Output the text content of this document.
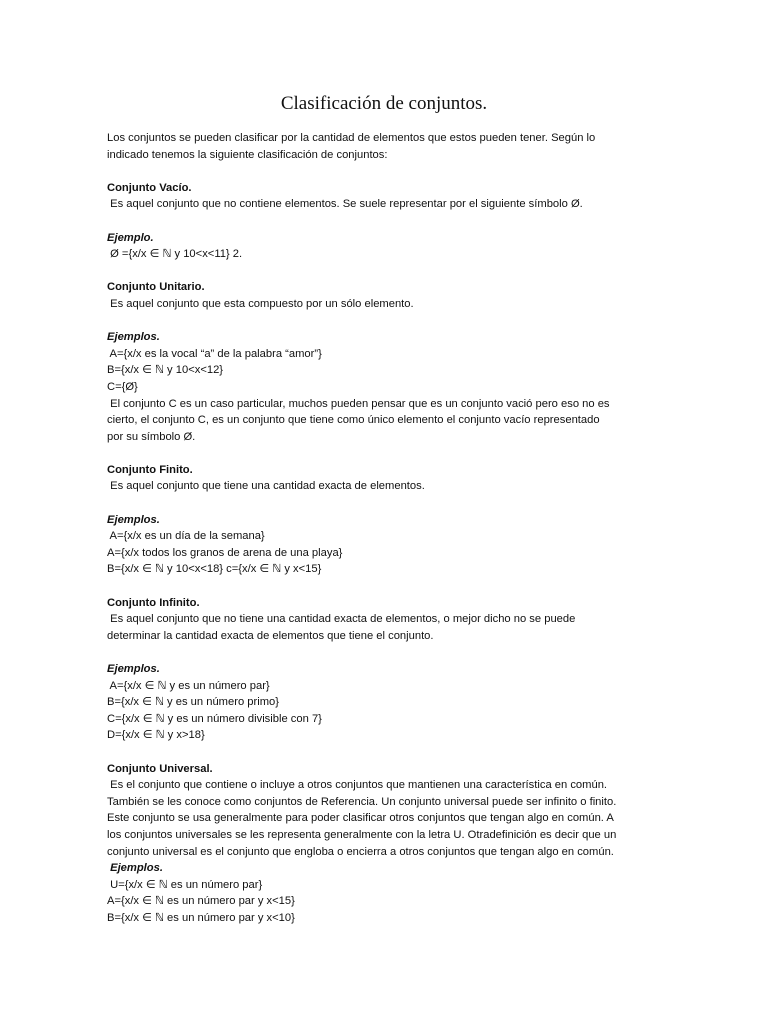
Clasificación de conjuntos.
Los conjuntos se pueden clasificar por la cantidad de elementos que estos pueden tener. Según lo
indicado tenemos la siguiente clasificación de conjuntos:
Conjunto Vacío.
Es aquel conjunto que no contiene elementos. Se suele representar por el siguiente símbolo Ø.
Ejemplo.
Ø ={x/x ∈ ℕ y 10<x<11} 2.
Conjunto Unitario.
Es aquel conjunto que esta compuesto por un sólo elemento.
Ejemplos.
A={x/x es la vocal “a” de la palabra “amor”}
B={x/x ∈ ℕ y 10<x<12}
C={Ø}
El conjunto C es un caso particular, muchos pueden pensar que es un conjunto vació pero eso no es
cierto, el conjunto C, es un conjunto que tiene como único elemento el conjunto vacío representado
por su símbolo Ø.
Conjunto Finito.
Es aquel conjunto que tiene una cantidad exacta de elementos.
Ejemplos.
A={x/x es un día de la semana}
A={x/x todos los granos de arena de una playa}
B={x/x ∈ ℕ y 10<x<18} c={x/x ∈ ℕ y x<15}
Conjunto Infinito.
Es aquel conjunto que no tiene una cantidad exacta de elementos, o mejor dicho no se puede
determinar la cantidad exacta de elementos que tiene el conjunto.
Ejemplos.
A={x/x ∈ ℕ y es un número par}
B={x/x ∈ ℕ y es un número primo}
C={x/x ∈ ℕ y es un número divisible con 7}
D={x/x ∈ ℕ y x>18}
Conjunto Universal.
Es el conjunto que contiene o incluye a otros conjuntos que mantienen una característica en común.
También se les conoce como conjuntos de Referencia. Un conjunto universal puede ser infinito o finito.
Este conjunto se usa generalmente para poder clasificar otros conjuntos que tengan algo en común. A
los conjuntos universales se les representa generalmente con la letra U. Otradefinición es decir que un
conjunto universal es el conjunto que engloba o encierra a otros conjuntos que tengan algo en común.
Ejemplos.
U={x/x ∈ ℕ es un número par}
A={x/x ∈ ℕ es un número par y x<15}
B={x/x ∈ ℕ es un número par y x<10}
